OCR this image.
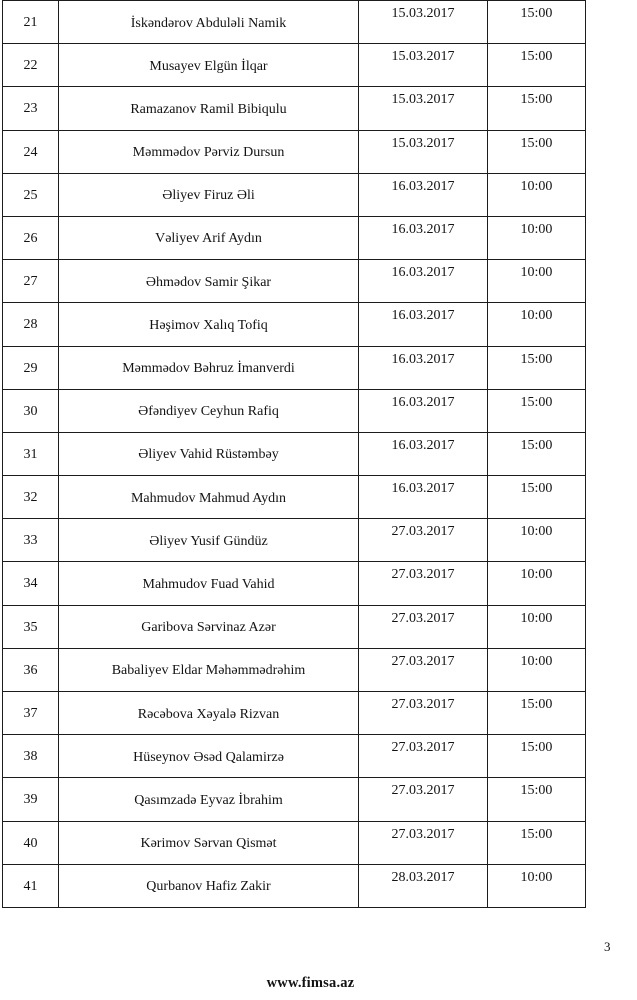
21	İskəndərov Abduləli Namik	15.03.2017	15:00
22	Musayev Elgün İlqar	15.03.2017	15:00
23	Ramazanov Ramil Bibiqulu	15.03.2017	15:00
24	Məmmədov Pərviz Dursun	15.03.2017	15:00
25	Əliyev Firuz Əli	16.03.2017	10:00
26	Vəliyev Arif Aydın	16.03.2017	10:00
27	Əhmədov Samir Şikar	16.03.2017	10:00
28	Həşimov Xalıq Tofiq	16.03.2017	10:00
29	Məmmədov Bəhruz İmanverdi	16.03.2017	15:00
30	Əfəndiyev Ceyhun Rafiq	16.03.2017	15:00
31	Əliyev Vahid Rüstəmbəy	16.03.2017	15:00
32	Mahmudov Mahmud Aydın	16.03.2017	15:00
33	Əliyev Yusif Gündüz	27.03.2017	10:00
34	Mahmudov Fuad Vahid	27.03.2017	10:00
35	Garibova Sərvinaz Azər	27.03.2017	10:00
36	Babaliyev Eldar Məhəmmədrəhim	27.03.2017	10:00
37	Rəcəbova Xəyalə Rizvan	27.03.2017	15:00
38	Hüseynov Əsəd Qalamirzə	27.03.2017	15:00
39	Qasımzadə Eyvaz İbrahim	27.03.2017	15:00
40	Kərimov Sərvan Qismət	27.03.2017	15:00
41	Qurbanov Hafiz Zakir	28.03.2017	10:00
3
www.fimsa.az
